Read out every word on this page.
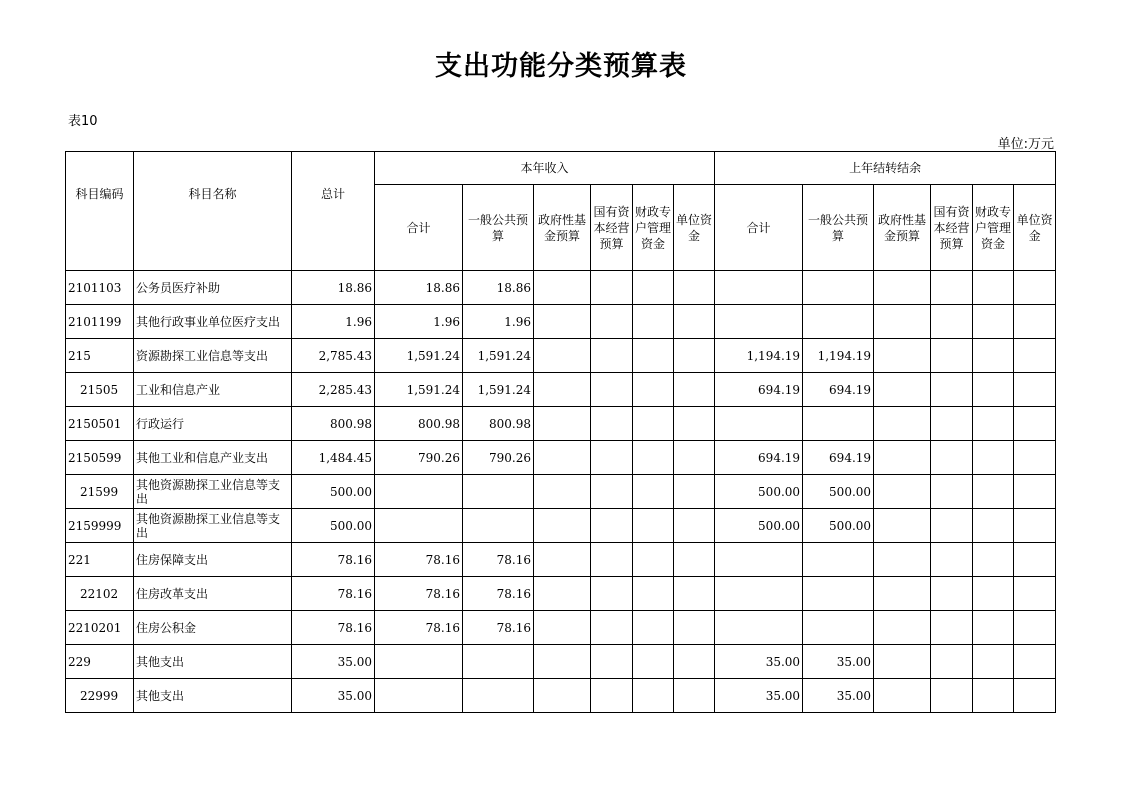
支出功能分类预算表
表10
单位:万元
科目编码	科目名称	总计	本年收入						上年结转结余					
			合计	一般公共预算	政府性基金预算	国有资本经营预算	财政专户管理资金	单位资金	合计	一般公共预算	政府性基金预算	国有资本经营预算	财政专户管理资金	单位资金
2101103	公务员医疗补助	18.86	18.86	18.86										
2101199	其他行政事业单位医疗支出	1.96	1.96	1.96										
215	资源勘探工业信息等支出	2,785.43	1,591.24	1,591.24					1,194.19	1,194.19				
21505	工业和信息产业	2,285.43	1,591.24	1,591.24					694.19	694.19				
2150501	行政运行	800.98	800.98	800.98										
2150599	其他工业和信息产业支出	1,484.45	790.26	790.26					694.19	694.19				
21599	其他资源勘探工业信息等支出	500.00							500.00	500.00				
2159999	其他资源勘探工业信息等支出	500.00							500.00	500.00				
221	住房保障支出	78.16	78.16	78.16										
22102	住房改革支出	78.16	78.16	78.16										
2210201	住房公积金	78.16	78.16	78.16										
229	其他支出	35.00							35.00	35.00				
22999	其他支出	35.00							35.00	35.00				
